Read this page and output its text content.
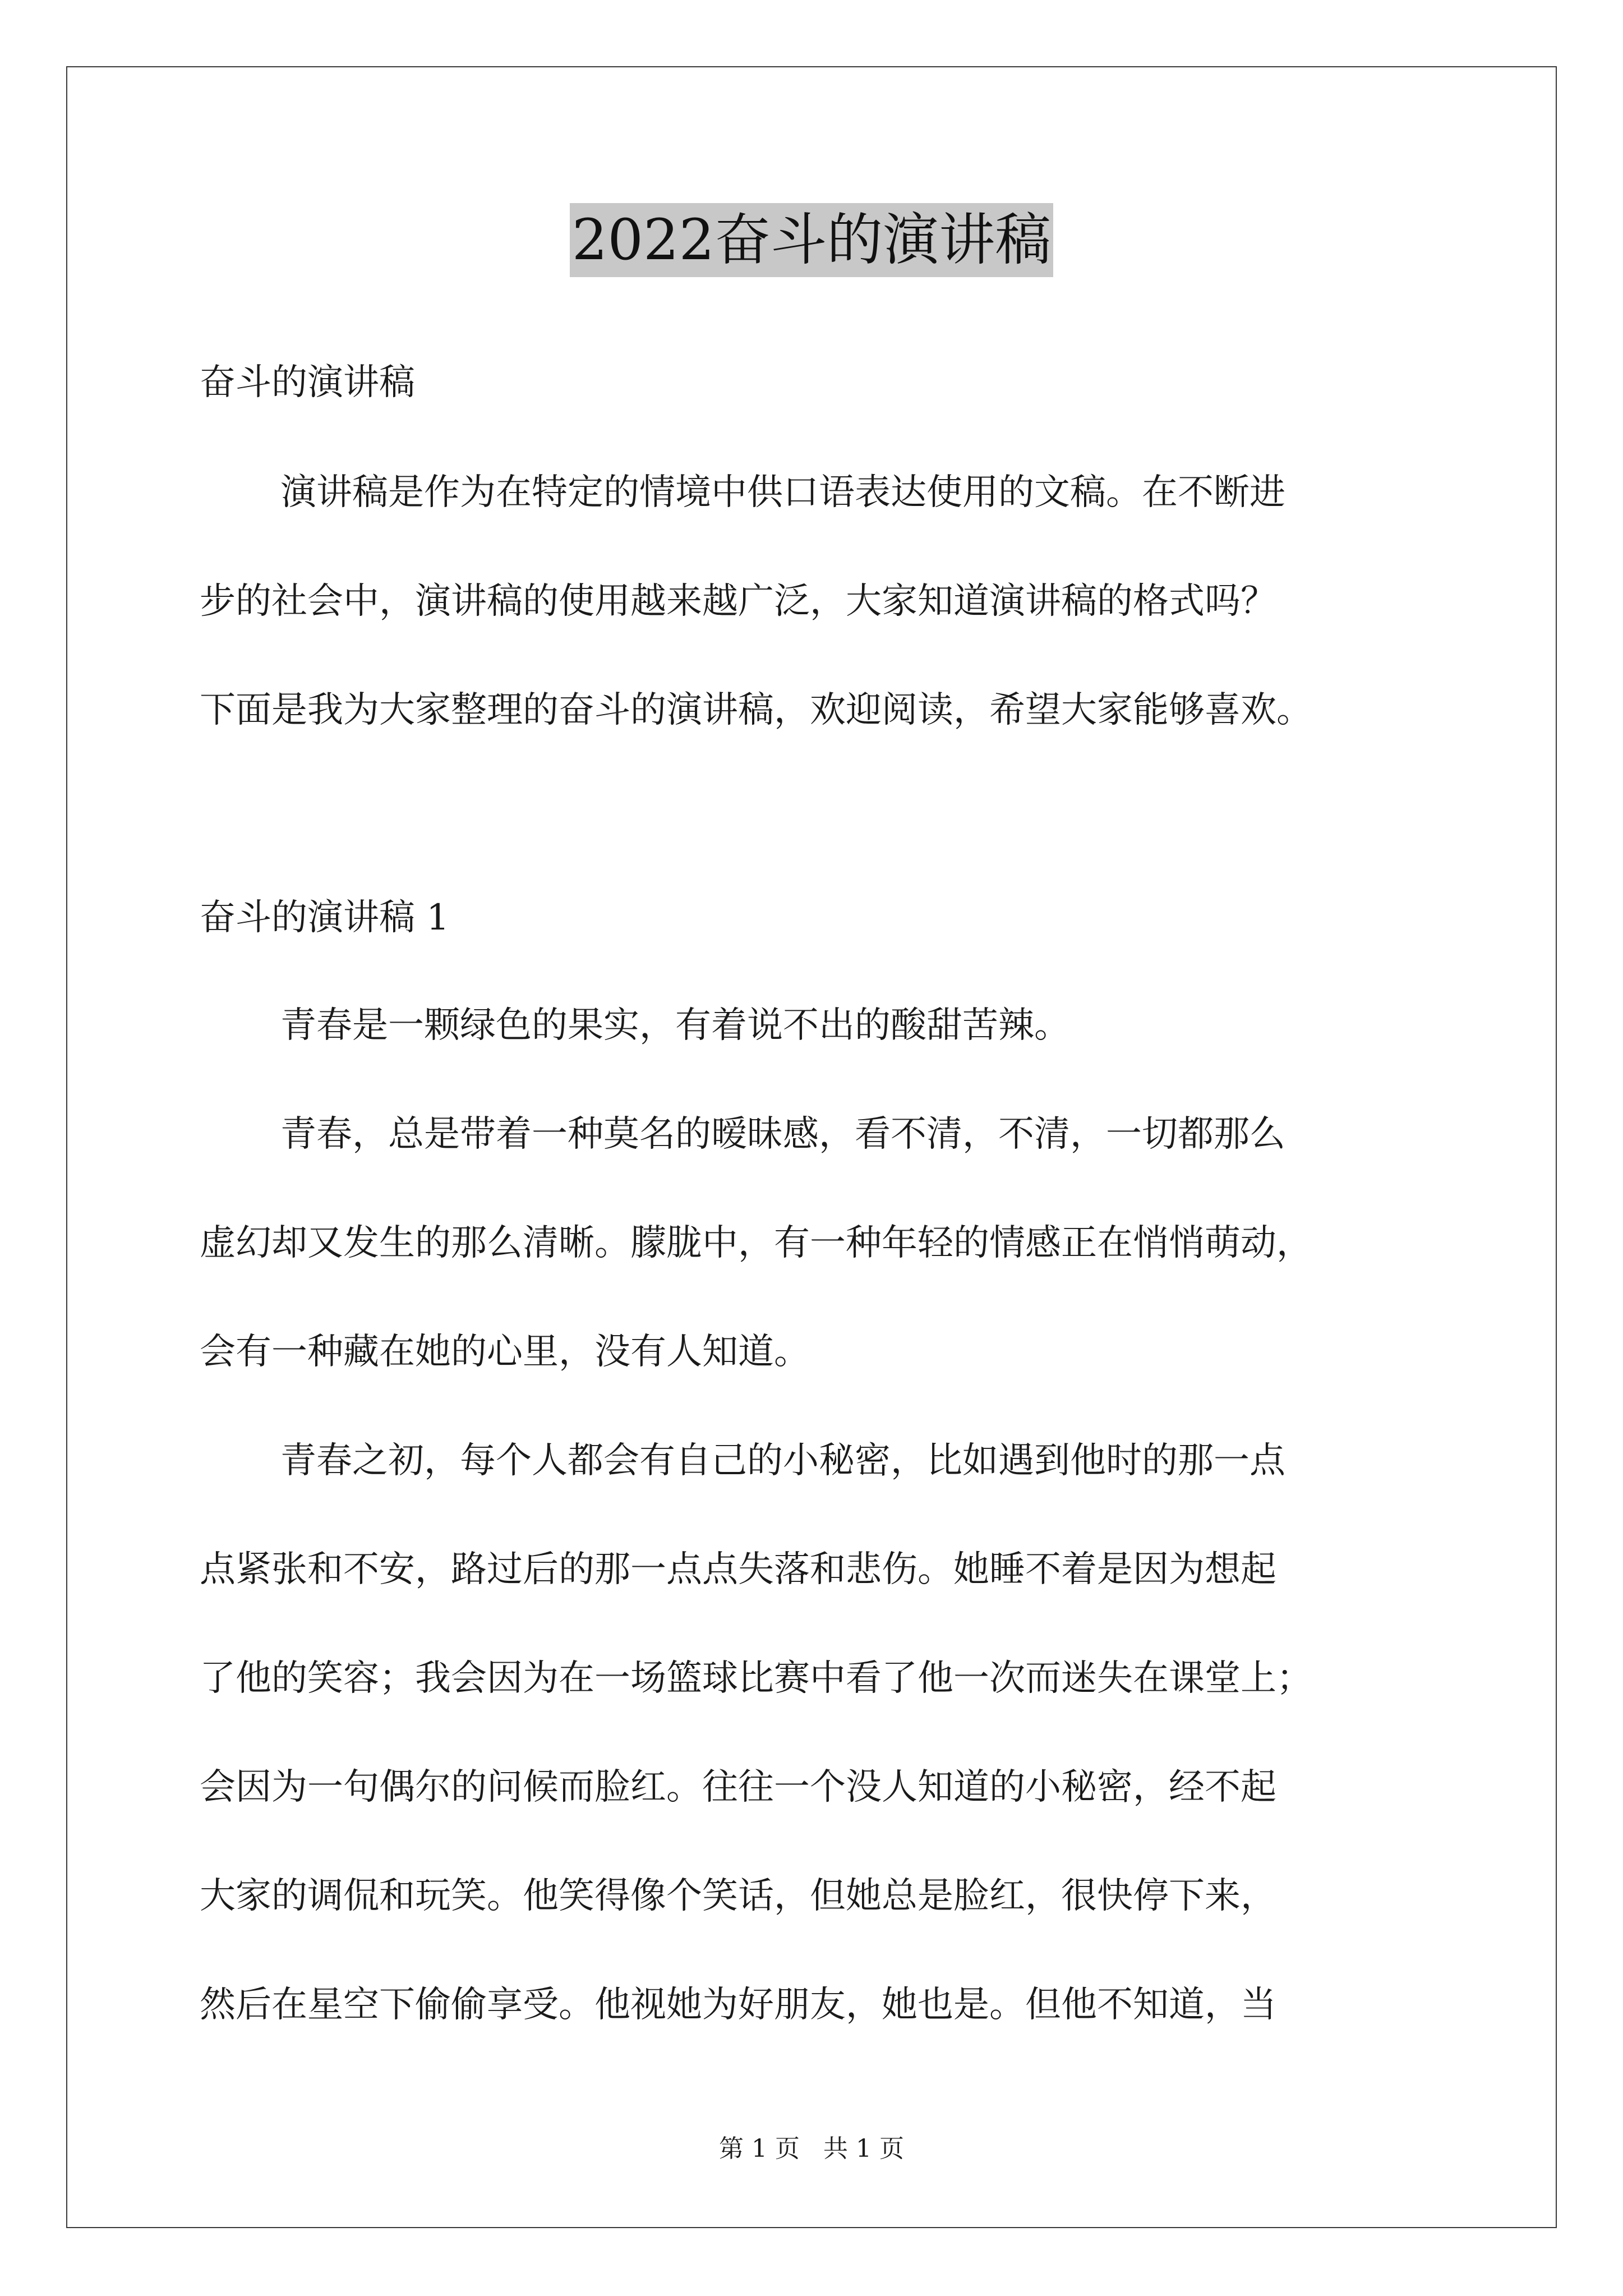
2022奋斗的演讲稿
奋斗的演讲稿
演讲稿是作为在特定的情境中供口语表达使用的文稿。在不断进
步的社会中，演讲稿的使用越来越广泛，大家知道演讲稿的格式吗？
下面是我为大家整理的奋斗的演讲稿，欢迎阅读，希望大家能够喜欢。
奋斗的演讲稿 1
青春是一颗绿色的果实，有着说不出的酸甜苦辣。
青春，总是带着一种莫名的暧昧感，看不清，不清，一切都那么
虚幻却又发生的那么清晰。朦胧中，有一种年轻的情感正在悄悄萌动，
会有一种藏在她的心里，没有人知道。
青春之初，每个人都会有自己的小秘密，比如遇到他时的那一点
点紧张和不安，路过后的那一点点失落和悲伤。她睡不着是因为想起
了他的笑容；我会因为在一场篮球比赛中看了他一次而迷失在课堂上；
会因为一句偶尔的问候而脸红。往往一个没人知道的小秘密，经不起
大家的调侃和玩笑。他笑得像个笑话，但她总是脸红，很快停下来，
然后在星空下偷偷享受。他视她为好朋友，她也是。但他不知道，当
第 1 页 共 1 页
